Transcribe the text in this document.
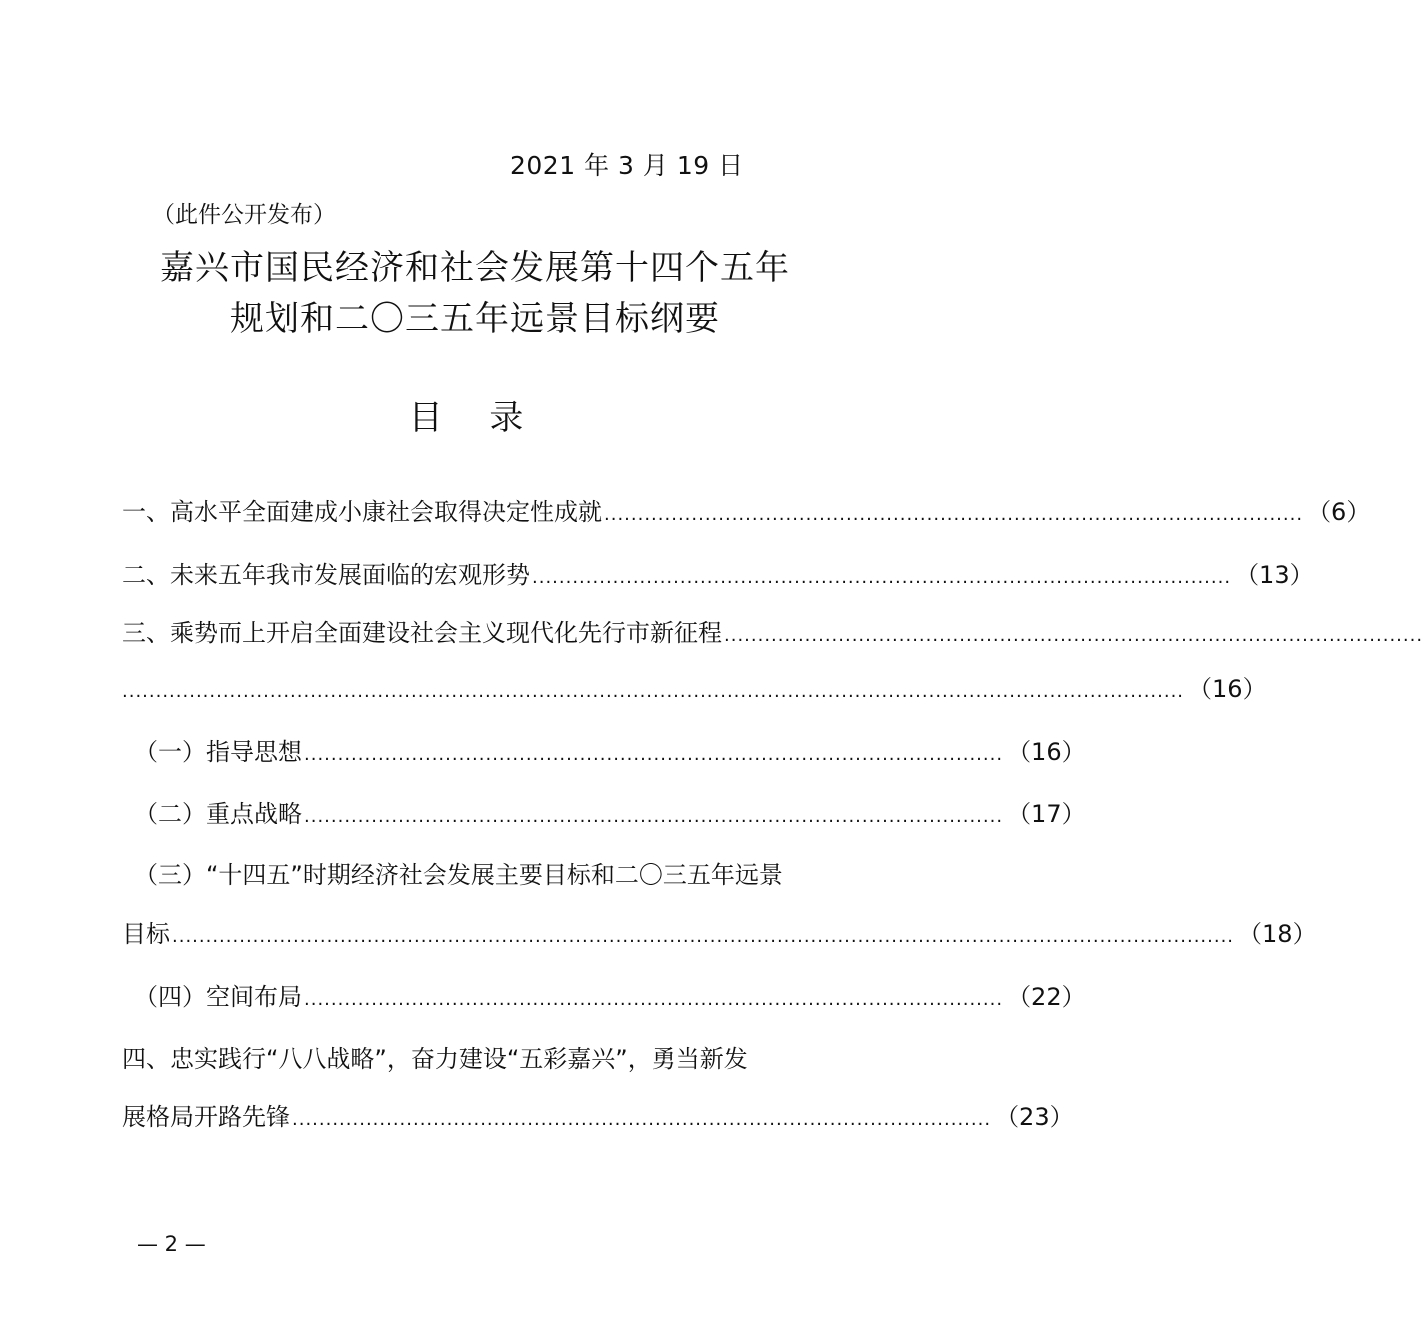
2021 年 3 月 19 日
（此件公开发布）
嘉兴市国民经济和社会发展第十四个五年
规划和二〇三五年远景目标纲要
目 录
一、高水平全面建成小康社会取得决定性成就 ........................................................................................................ （6）
二、未来五年我市发展面临的宏观形势 ........................................................................................................ （13）
三、乘势而上开启全面建设社会主义现代化先行市新征程 ........................................................................................................
.............................................................................................................................................................. （16）
（一）指导思想 ........................................................................................................ （16）
（二）重点战略 ........................................................................................................ （17）
（三）“十四五”时期经济社会发展主要目标和二〇三五年远景
目标 .............................................................................................................................................................. （18）
（四）空间布局 ........................................................................................................ （22）
四、忠实践行“八八战略”，奋力建设“五彩嘉兴”，勇当新发
展格局开路先锋 ........................................................................................................ （23）
— 2 —
